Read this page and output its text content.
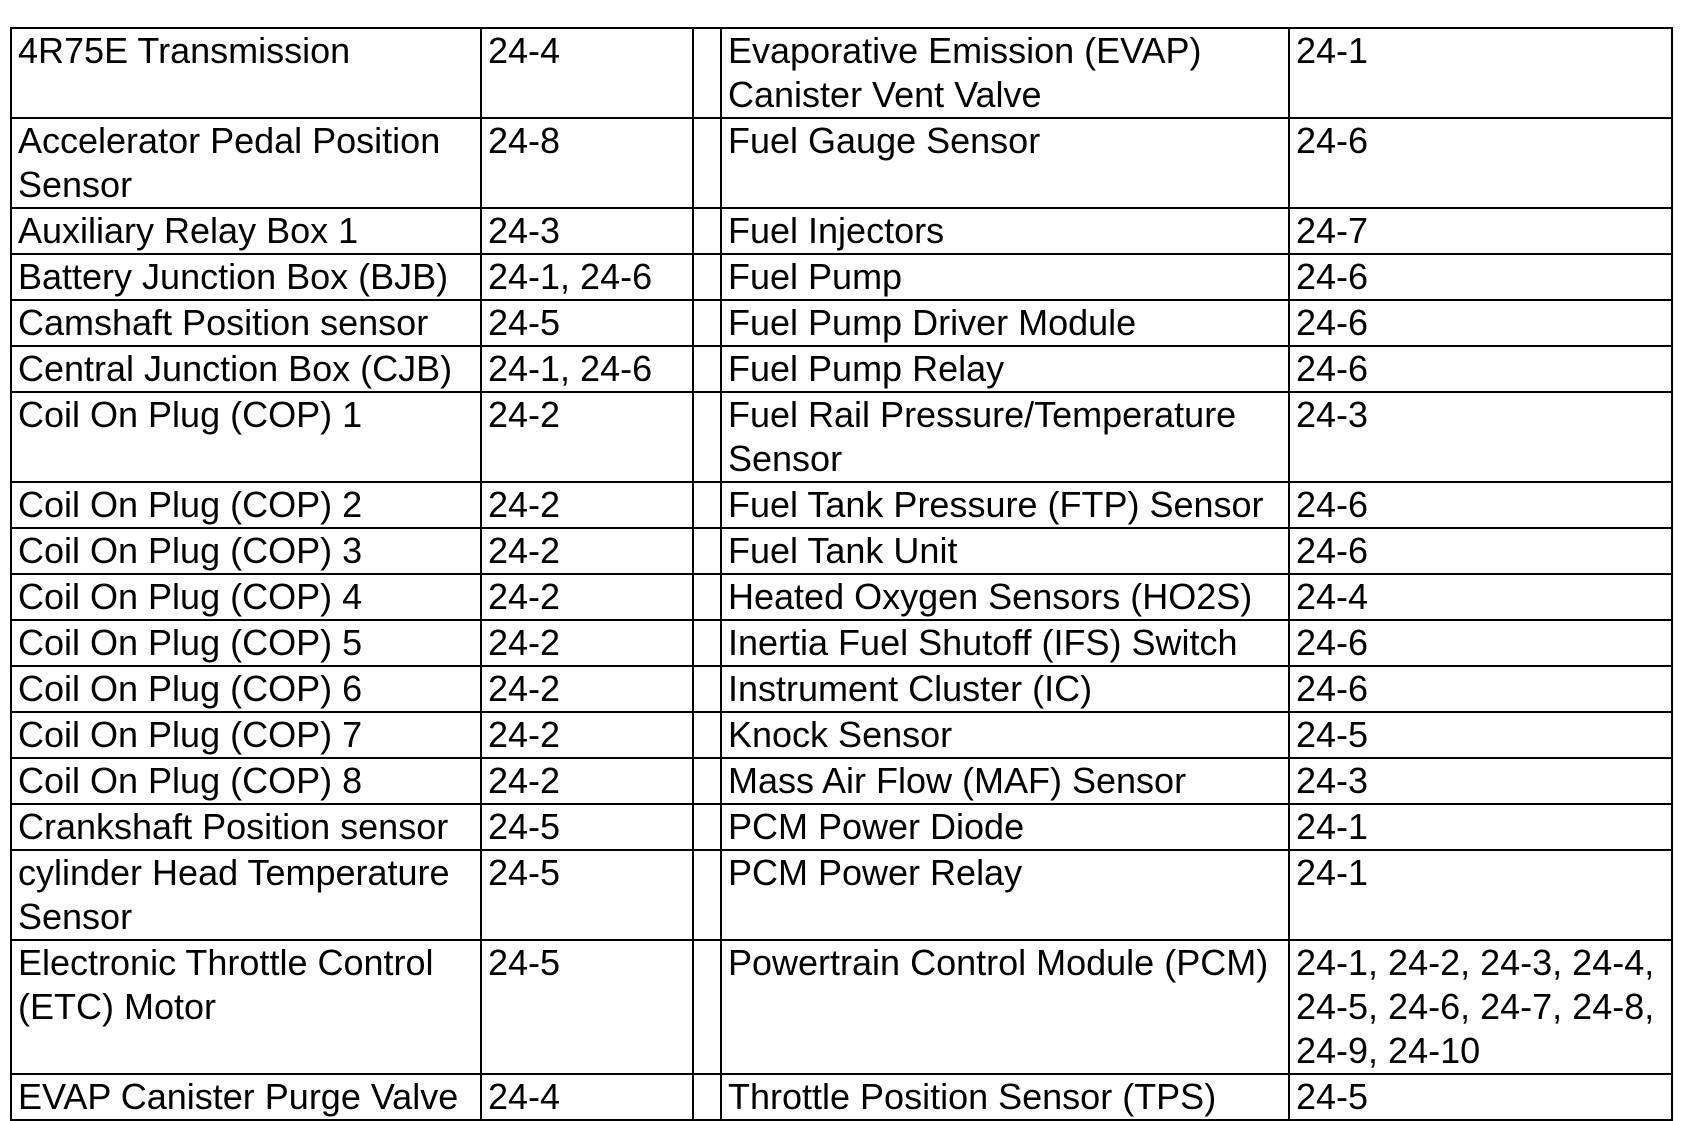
4R75E Transmission	24-4		Evaporative Emission (EVAP) Canister Vent Valve	24-1
Accelerator Pedal Position Sensor	24-8		Fuel Gauge Sensor	24-6
Auxiliary Relay Box 1	24-3		Fuel Injectors	24-7
Battery Junction Box (BJB)	24-1, 24-6		Fuel Pump	24-6
Camshaft Position sensor	24-5		Fuel Pump Driver Module	24-6
Central Junction Box (CJB)	24-1, 24-6		Fuel Pump Relay	24-6
Coil On Plug (COP) 1	24-2		Fuel Rail Pressure/Temperature Sensor	24-3
Coil On Plug (COP) 2	24-2		Fuel Tank Pressure (FTP) Sensor	24-6
Coil On Plug (COP) 3	24-2		Fuel Tank Unit	24-6
Coil On Plug (COP) 4	24-2		Heated Oxygen Sensors (HO2S)	24-4
Coil On Plug (COP) 5	24-2		Inertia Fuel Shutoff (IFS) Switch	24-6
Coil On Plug (COP) 6	24-2		Instrument Cluster (IC)	24-6
Coil On Plug (COP) 7	24-2		Knock Sensor	24-5
Coil On Plug (COP) 8	24-2		Mass Air Flow (MAF) Sensor	24-3
Crankshaft Position sensor	24-5		PCM Power Diode	24-1
cylinder Head Temperature Sensor	24-5		PCM Power Relay	24-1
Electronic Throttle Control (ETC) Motor	24-5		Powertrain Control Module (PCM)	24-1, 24-2, 24-3, 24-4, 24-5, 24-6, 24-7, 24-8, 24-9, 24-10
EVAP Canister Purge Valve	24-4		Throttle Position Sensor (TPS)	24-5
